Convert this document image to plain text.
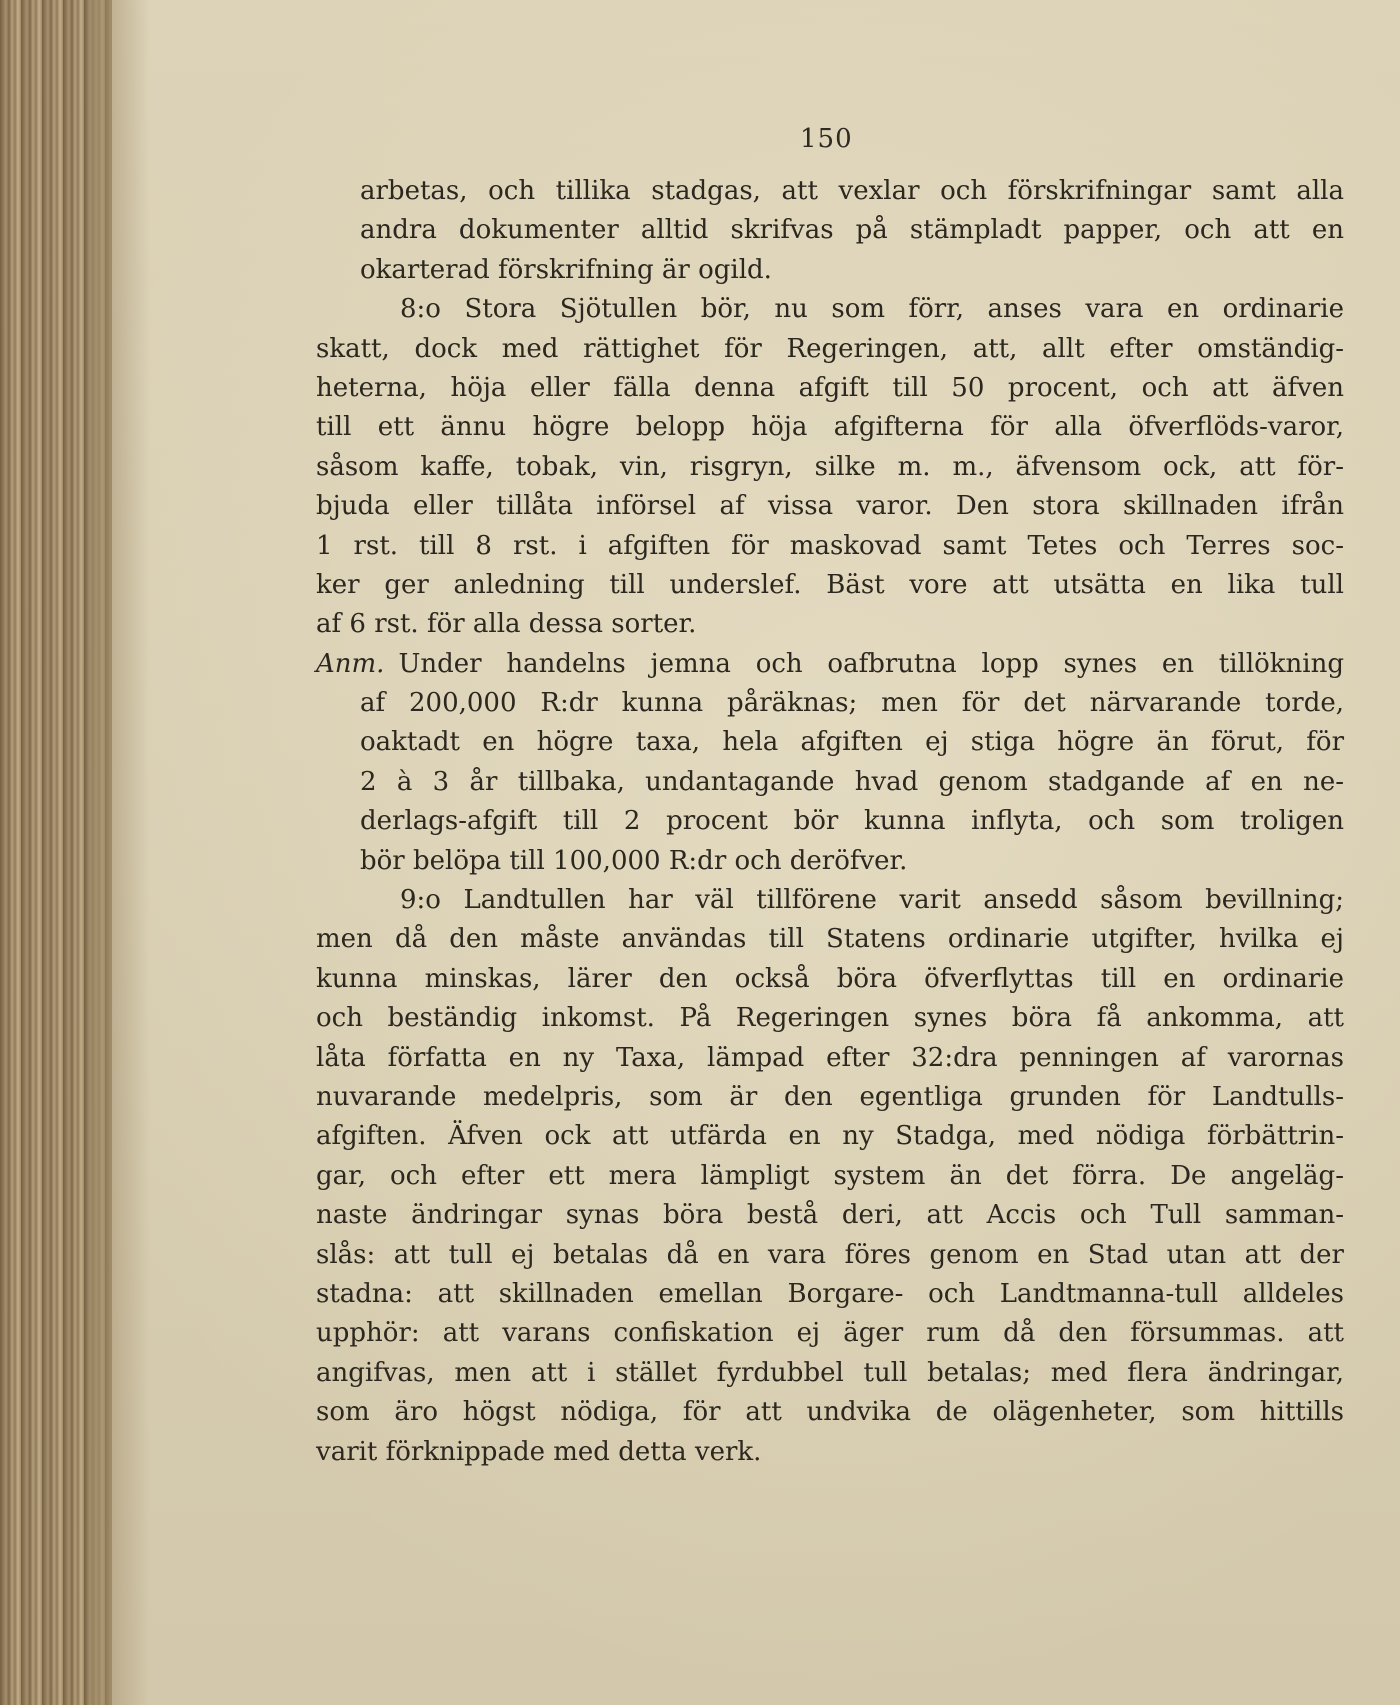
150
arbetas, och tillika stadgas, att vexlar och förskrifningar samt alla
andra dokumenter alltid skrifvas på stämpladt papper, och att en
okarterad förskrifning är ogild.
8:o Stora Sjötullen bör, nu som förr, anses vara en ordinarie
skatt, dock med rättighet för Regeringen, att, allt efter omständig-
heterna, höja eller fälla denna afgift till 50 procent, och att äfven
till ett ännu högre belopp höja afgifterna för alla öfverflöds-varor,
såsom kaffe, tobak, vin, risgryn, silke m. m., äfvensom ock, att för-
bjuda eller tillåta införsel af vissa varor. Den stora skillnaden ifrån
1 rst. till 8 rst. i afgiften för maskovad samt Tetes och Terres soc-
ker ger anledning till underslef. Bäst vore att utsätta en lika tull
af 6 rst. för alla dessa sorter.
Anm. Under handelns jemna och oafbrutna lopp synes en tillökning
af 200,000 R:dr kunna påräknas; men för det närvarande torde,
oaktadt en högre taxa, hela afgiften ej stiga högre än förut, för
2 à 3 år tillbaka, undantagande hvad genom stadgande af en ne-
derlags-afgift till 2 procent bör kunna inflyta, och som troligen
bör belöpa till 100,000 R:dr och deröfver.
9:o Landtullen har väl tillförene varit ansedd såsom bevillning;
men då den måste användas till Statens ordinarie utgifter, hvilka ej
kunna minskas, lärer den också böra öfverflyttas till en ordinarie
och beständig inkomst. På Regeringen synes böra få ankomma, att
låta författa en ny Taxa, lämpad efter 32:dra penningen af varornas
nuvarande medelpris, som är den egentliga grunden för Landtulls-
afgiften. Äfven ock att utfärda en ny Stadga, med nödiga förbättrin-
gar, och efter ett mera lämpligt system än det förra. De angeläg-
naste ändringar synas böra bestå deri, att Accis och Tull samman-
slås: att tull ej betalas då en vara föres genom en Stad utan att der
stadna: att skillnaden emellan Borgare- och Landtmanna-tull alldeles
upphör: att varans confiskation ej äger rum då den försummas. att
angifvas, men att i stället fyrdubbel tull betalas; med flera ändringar,
som äro högst nödiga, för att undvika de olägenheter, som hittills
varit förknippade med detta verk.
